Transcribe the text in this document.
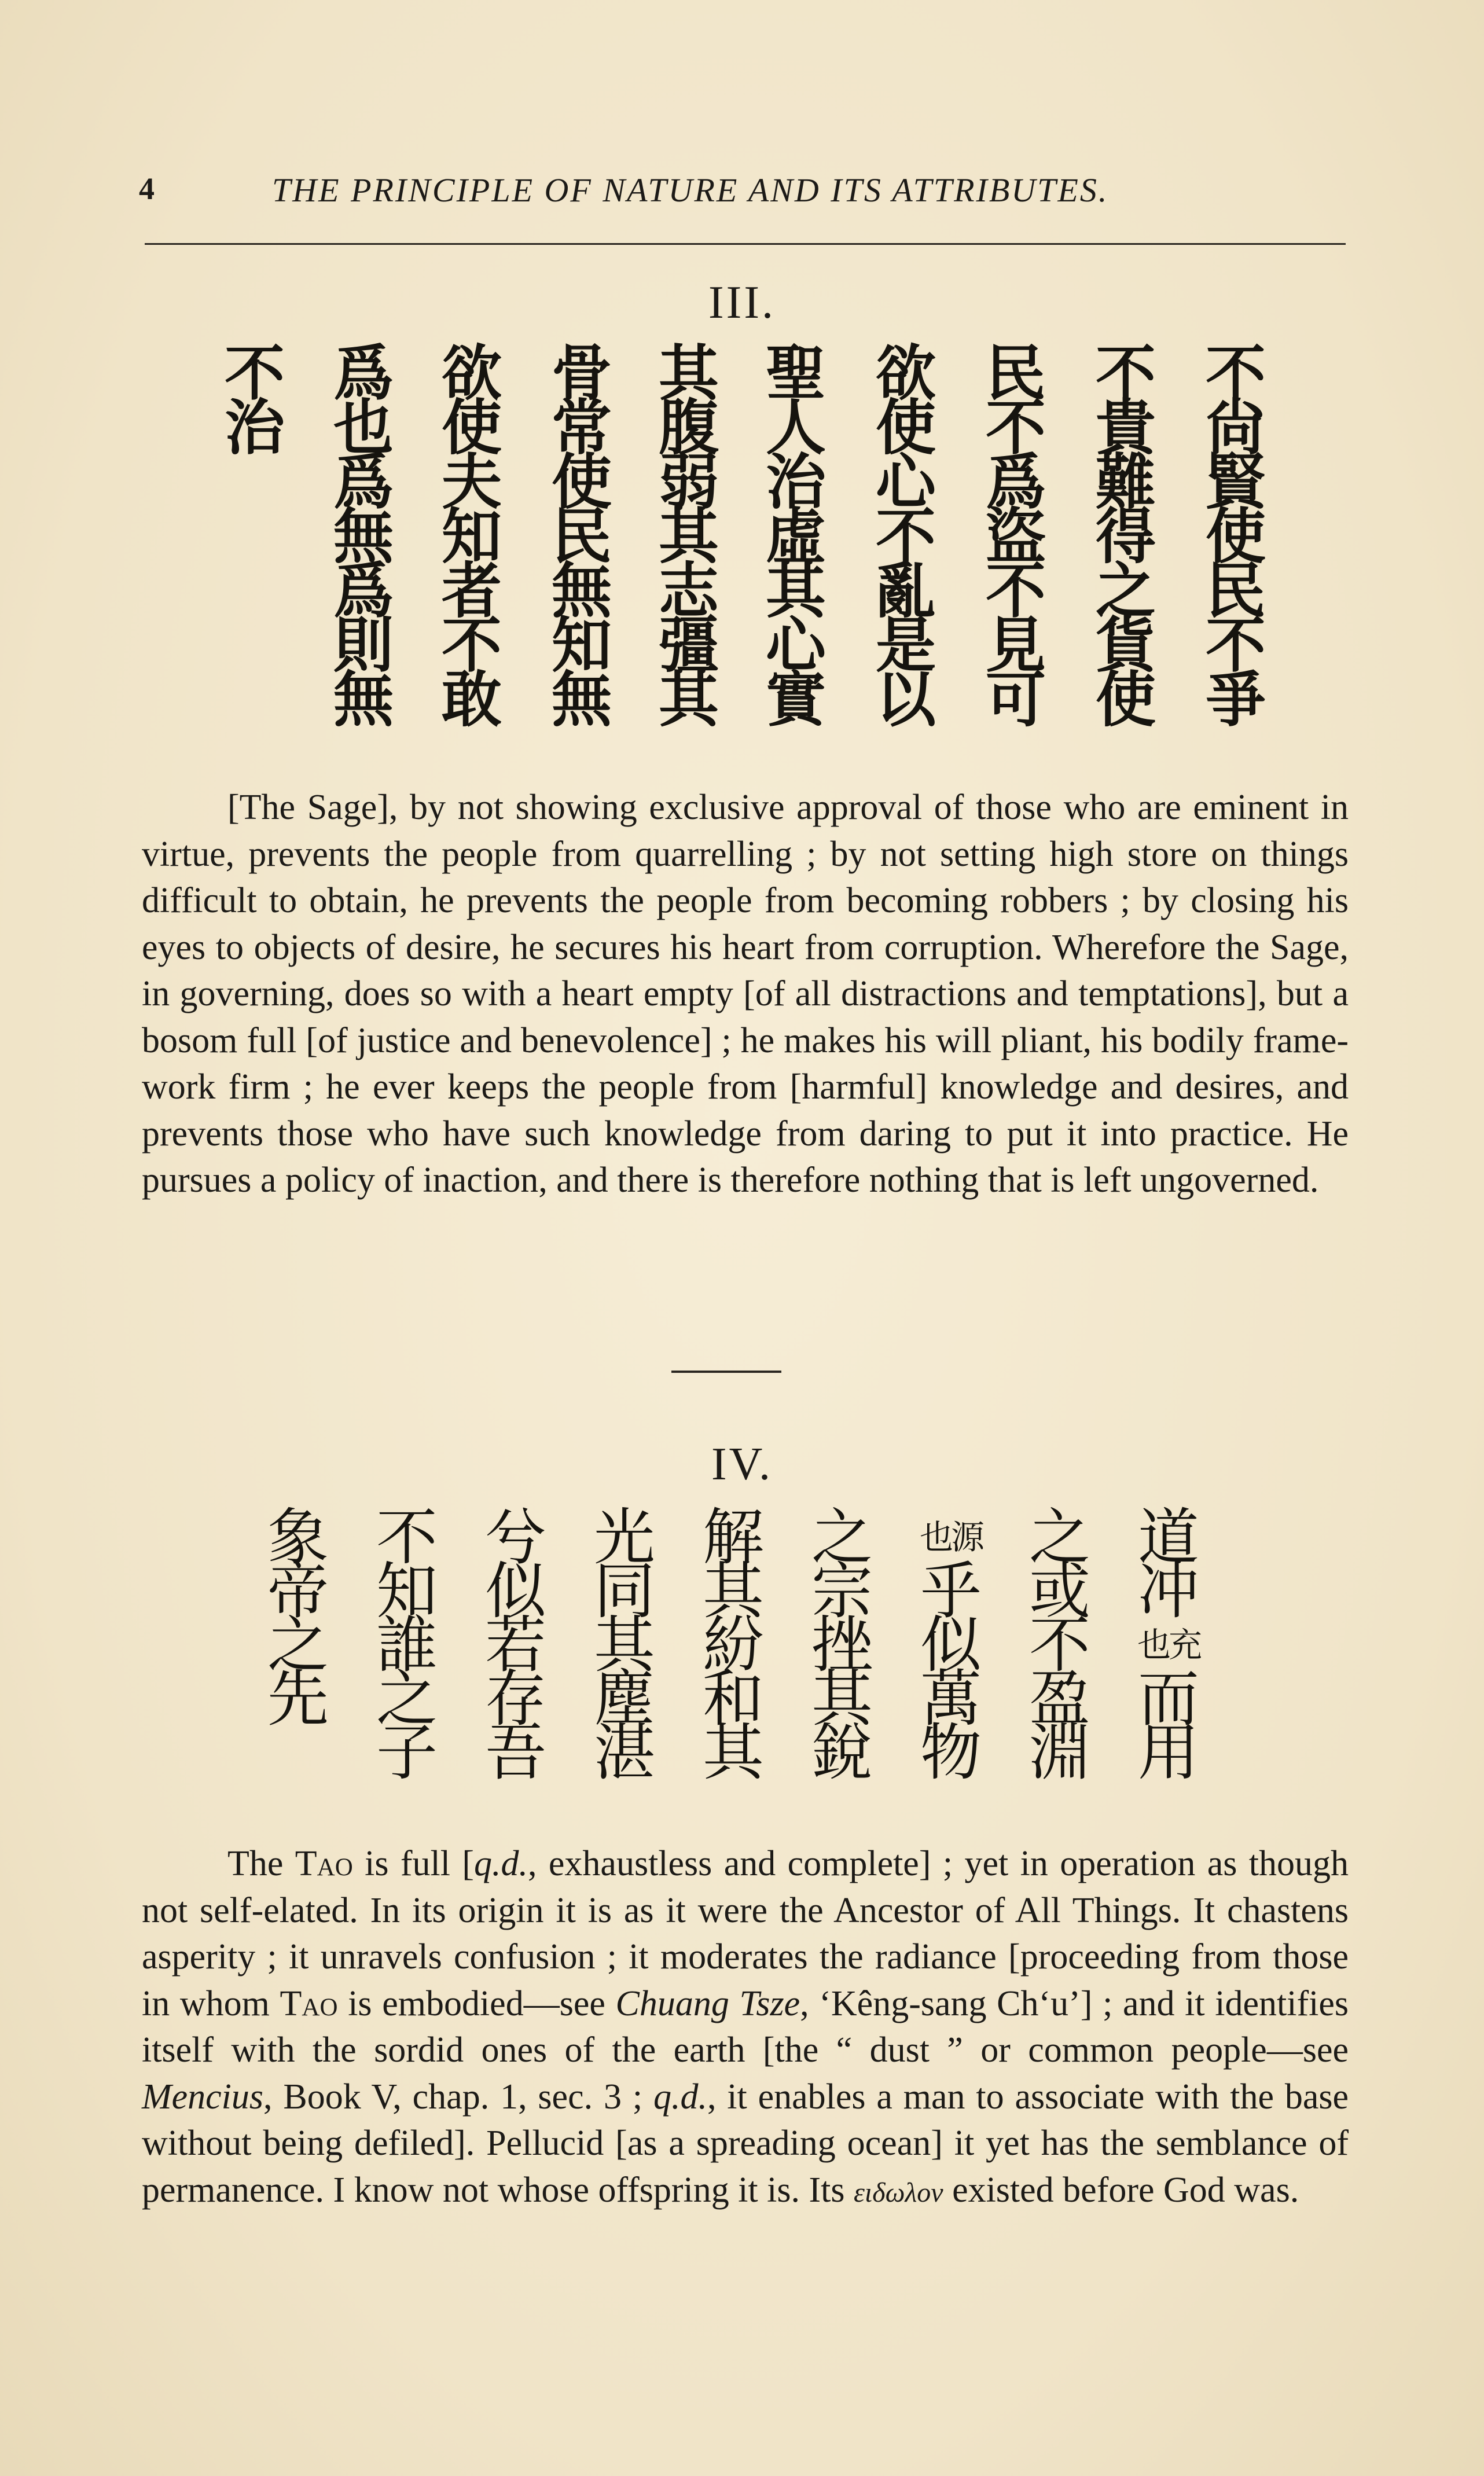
4	THE PRINCIPLE OF NATURE AND ITS ATTRIBUTES.
III.
不
尙
賢
使
民
不
爭
不
貴
難
得
之
貨
使
民
不
爲
盜
不
見
可
欲
使
心
不
亂
是
以
聖
人
治
虛
其
心
實
其
腹
弱
其
志
彊
其
骨
常
使
民
無
知
無
欲
使
夫
知
者
不
敢
爲
也
爲
無
爲
則
無
不
治

[The Sage], by not showing exclusive approval of those who are eminent in virtue, prevents the people from quarrelling ; by not setting high store on things difficult to obtain, he prevents the people from becoming robbers ; by closing his eyes to objects of desire, he secures his heart from corruption. Wherefore the Sage, in governing, does so with a heart empty [of all distractions and temptations], but a bosom full [of justice and benevolence] ; he makes his will pliant, his bodily frame-work firm ; he ever keeps the people from [harmful] knowledge and desires, and prevents those who have such knowledge from daring to put it into practice. He pursues a policy of inaction, and there is therefore nothing that is left ungoverned.

IV.
道
冲
也充
而
用
之
或
不
盈
淵
也源
乎
似
萬
物
之
宗
挫
其
銳
解
其
紛
和
其
光
同
其
塵
湛
兮
似
若
存
吾
不
知
誰
之
子
象
帝
之
先

The Tao is full [q.d., exhaustless and complete] ; yet in operation as though not self-elated. In its origin it is as it were the Ancestor of All Things. It chastens asperity ; it unravels confusion ; it moderates the radiance [proceeding from those in whom Tao is embodied—see Chuang Tsze, ‘Kêng-sang Ch‘u’] ; and it identifies itself with the sordid ones of the earth [the “ dust ” or common people—see Mencius, Book V, chap. 1, sec. 3 ; q.d., it enables a man to associate with the base without being defiled]. Pellucid [as a spreading ocean] it yet has the semblance of permanence. I know not whose offspring it is. Its ειδωλον existed before God was.
